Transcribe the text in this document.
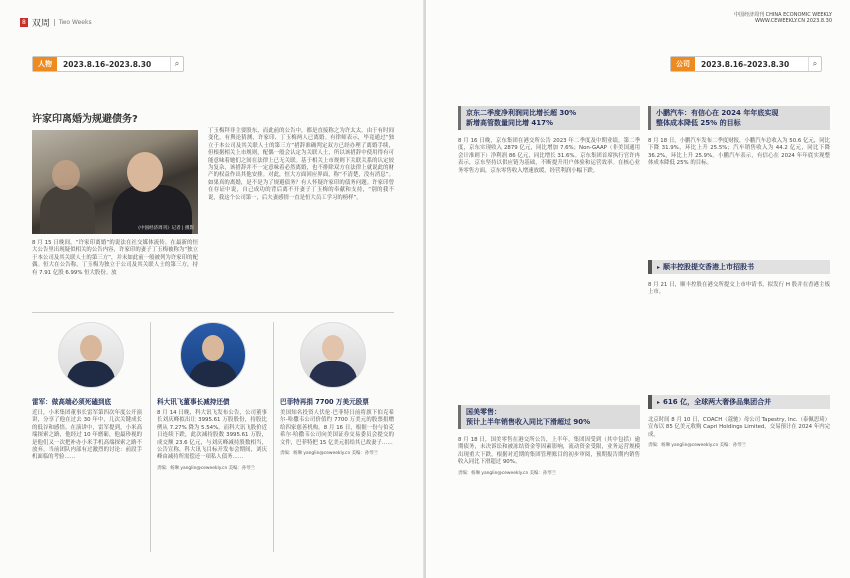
8 双周	Two Weeks
人物	2023.8.16–2023.8.30	⌕
许家印离婚为规避债务?
《中国经济周刊》记者 | 摄影
8 月 15 日晚间，“许家印离婚”的说法在社交媒体流传。在最新的恒大公告里出现疑似相关的公告内容，许家印的妻子丁玉梅被称为“独立于本公司及其关联人士的第三方”，并未如此前一般被列为许家印的配偶。恒大在公告称，丁玉梅为独立于公司及其关联人士的第三方，持有 7.91 亿股 6.99% 恒大股份。放
丁玉梅拜非主要股东，而此前的公告中，都是直接称之为许太太。由于有时间变化，有舆论猜测，许家印、丁玉梅两人已离婚。有律师表示，毕竟通过“独立于本公司及其关联人士的第三方”措辞准确判定双方已经办理了离婚手续，但根据相关上市规则，配偶一般会认定为关联人士，所以该措辞中使用得有可能意味着她们之间在法律上已无关联。基于相关上市规则下关联关系的认定较为复杂，该措辞并不一定意味着必然离婚，也不排除双方在法律上就说此的财产的权益作出其他安排。对此，恒大方面回应界面，称“不清楚，没有消息”。如果真的离婚，是不是为了规避债务？有人怀疑许家印的债务问题。许家印曾在存证中说，自己成功的背后离不开妻子丁玉梅的奉献和支持，“别的我不说，我这个公司第一，后夫妻感情一直是恒大员工学习的榜样”。
雷军：做高端必须死磕到底
近日，小米集团董事长雷军第四次年度公开演讲，分享了他在过去 30 年中，几次关键成长的低谷和感悟。在演讲中，雷军提到，小米高端探索之路，他经过 10 年磨砺，他最珍视的是他们又一次把补办小米手机高端探索之路不放弃。当前团队内部有过激烈的讨论：前段手机面临的考验……
科大讯飞董事长减持还债
8 月 14 日晚，科大讯飞发布公告，公司董事长刘庆峰拟出让 3995.61 万股股份，持股比例从 7.27% 降为 5.54%。而科大讯飞股价近日连续下跌，此次减持股数 3995.61 万股，成交额 23.6 亿元，与刘庆峰减持股数相当，公告宣称，科大讯飞目标开发布会期间，刘庆峰由减持所需偿还一项私人债务……
责编：杨琳 yanglin@ceweekly.cn 美编：孙琴兰
巴菲特再捐 7700 万美元股票
美国知名投资人伏伦·巴菲特日前将旗下伯克希尔-哈撒韦公司价值约 7700 万美元的股票捐赠给四家慈善机构。8 月 16 日，根据一份与伯克希尔·哈撒韦公司向美国证券交易委员会提交的文件，巴菲特把 15 亿美元捐给其已故妻子……
责编：杨琳 yanglin@ceweekly.cn 美编：孙琴兰
中国经济周刊 CHINA ECONOMIC WEEKLY
WWW.CEWEEKLY.CN 2023.8.30
公司	2023.8.16–2023.8.30	⌕
京东二季度净利润同比增长超 30%
新增高管数量同比增 417%
8 月 16 日晚，京东集团在港交所公告 2023 年二季度及中期业绩。第二季度，京东实现收入 2879 亿元，同比增加 7.6%；Non-GAAP（非美国通用会计准则下）净利润 86 亿元，同比增长 31.6%。京东集团首席执行官许冉表示，京东坚持以供应链为基础，不断提升用户体验和运营效率。在核心业务零售方面，京东零售收入增速放缓，经营利润小幅下跌。
国美零售：
预计上半年销售收入同比下滑超过 90%
8 月 18 日，国美零售在港交所公告，上半年，集团因受到（其中包括）逾期债务，未决诉讼和被冻结资金等因素影响，流动资金受限，业务运营规模出现重大下跌，根据对近期的集团管理账目的初步审阅，预期报告期内销售收入同比下滑超过 90%。
责编：杨琳 yanglin@ceweekly.cn 美编：孙琴兰
小鹏汽车：有信心在 2024 年年底实现
整体成本降低 25% 的目标
8 月 18 日，小鹏汽车发布二季度财报，小鹏汽车总收入为 50.6 亿元，同比下降 31.9%，环比上升 25.5%；汽车销售收入为 44.2 亿元，同比下降 36.2%，环比上升 25.9%。小鹏汽车表示，有信心在 2024 年年底实现整体成本降低 25% 的目标。
▸ 顺丰控股提交香港上市招股书
8 月 21 日，顺丰控股在港交所提交上市申请书，拟发行 H 股并在香港主板上市。
▸ 616 亿，全球两大奢侈品集团合并
北京时间 8 月 10 日，COACH（蔻驰）母公司 Tapestry, Inc.（泰佩思琦）宣布以 85 亿美元收购 Capri Holdings Limited，交易预计在 2024 年内完成。
责编：杨琳 yanglin@ceweekly.cn 美编：孙琴兰
